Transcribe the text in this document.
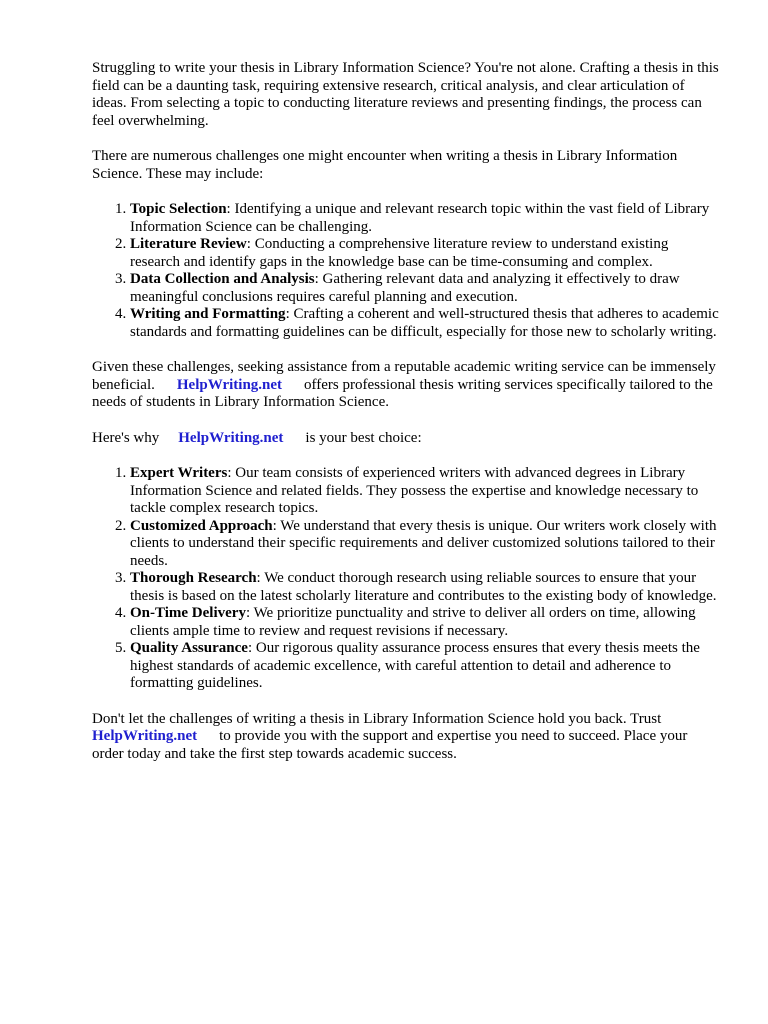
Struggling to write your thesis in Library Information Science? You're not alone. Crafting a thesis in this field can be a daunting task, requiring extensive research, critical analysis, and clear articulation of ideas. From selecting a topic to conducting literature reviews and presenting findings, the process can feel overwhelming.

There are numerous challenges one might encounter when writing a thesis in Library Information Science. These may include:

1. Topic Selection: Identifying a unique and relevant research topic within the vast field of Library Information Science can be challenging.
2. Literature Review: Conducting a comprehensive literature review to understand existing research and identify gaps in the knowledge base can be time-consuming and complex.
3. Data Collection and Analysis: Gathering relevant data and analyzing it effectively to draw meaningful conclusions requires careful planning and execution.
4. Writing and Formatting: Crafting a coherent and well-structured thesis that adheres to academic standards and formatting guidelines can be difficult, especially for those new to scholarly writing.

Given these challenges, seeking assistance from a reputable academic writing service can be immensely beneficial. HelpWriting.net offers professional thesis writing services specifically tailored to the needs of students in Library Information Science.

Here's why HelpWriting.net is your best choice:

1. Expert Writers: Our team consists of experienced writers with advanced degrees in Library Information Science and related fields. They possess the expertise and knowledge necessary to tackle complex research topics.
2. Customized Approach: We understand that every thesis is unique. Our writers work closely with clients to understand their specific requirements and deliver customized solutions tailored to their needs.
3. Thorough Research: We conduct thorough research using reliable sources to ensure that your thesis is based on the latest scholarly literature and contributes to the existing body of knowledge.
4. On-Time Delivery: We prioritize punctuality and strive to deliver all orders on time, allowing clients ample time to review and request revisions if necessary.
5. Quality Assurance: Our rigorous quality assurance process ensures that every thesis meets the highest standards of academic excellence, with careful attention to detail and adherence to formatting guidelines.

Don't let the challenges of writing a thesis in Library Information Science hold you back. Trust
HelpWriting.net to provide you with the support and expertise you need to succeed. Place your order today and take the first step towards academic success.
